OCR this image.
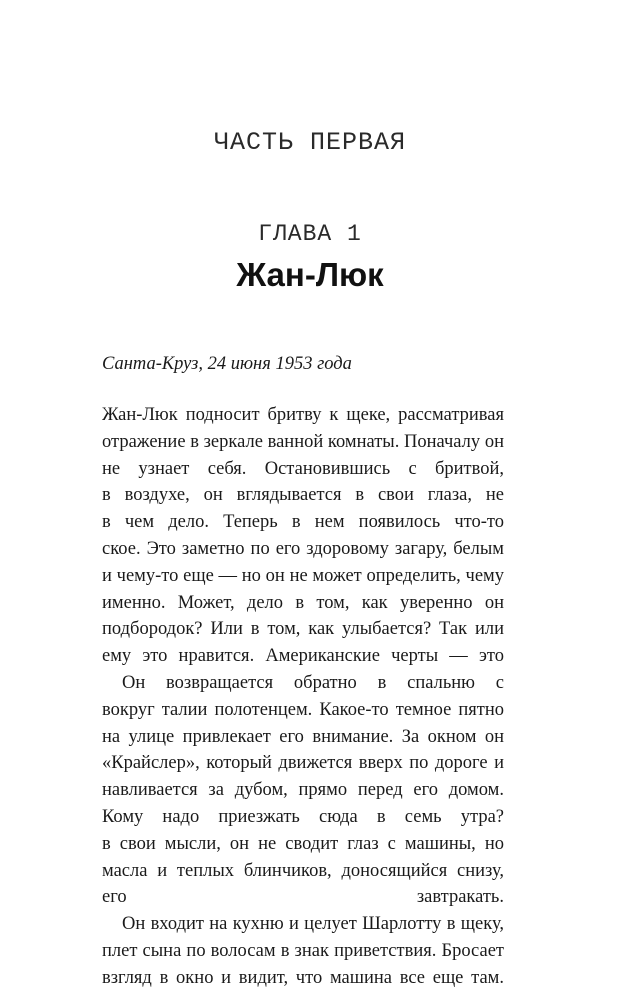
ЧАСТЬ ПЕРВАЯ
ГЛАВА 1
Жан-Люк
Санта-Круз, 24 июня 1953 года
Жан-Люк подносит бритву к щеке, рассматривая
отражение в зеркале ванной комнаты. Поначалу он
не узнает себя. Остановившись с бритвой,
в воздухе, он вглядывается в свои глаза, не
в чем дело. Теперь в нем появилось что-то
ское. Это заметно по его здоровому загару, белым
и чему-то еще — но он не может определить, чему
именно. Может, дело в том, как уверенно он
подбородок? Или в том, как улыбается? Так или
ему это нравится. Американские черты — это
Он возвращается обратно в спальню с
вокруг талии полотенцем. Какое-то темное пятно
на улице привлекает его внимание. За окном он
«Крайслер», который движется вверх по дороге и
навливается за дубом, прямо перед его домом.
Кому надо приезжать сюда в семь утра?
в свои мысли, он не сводит глаз с машины, но
масла и теплых блинчиков, доносящийся снизу,
его завтракать.
Он входит на кухню и целует Шарлотту в щеку,
плет сына по волосам в знак приветствия. Бросает
взгляд в окно и видит, что машина все еще там.
